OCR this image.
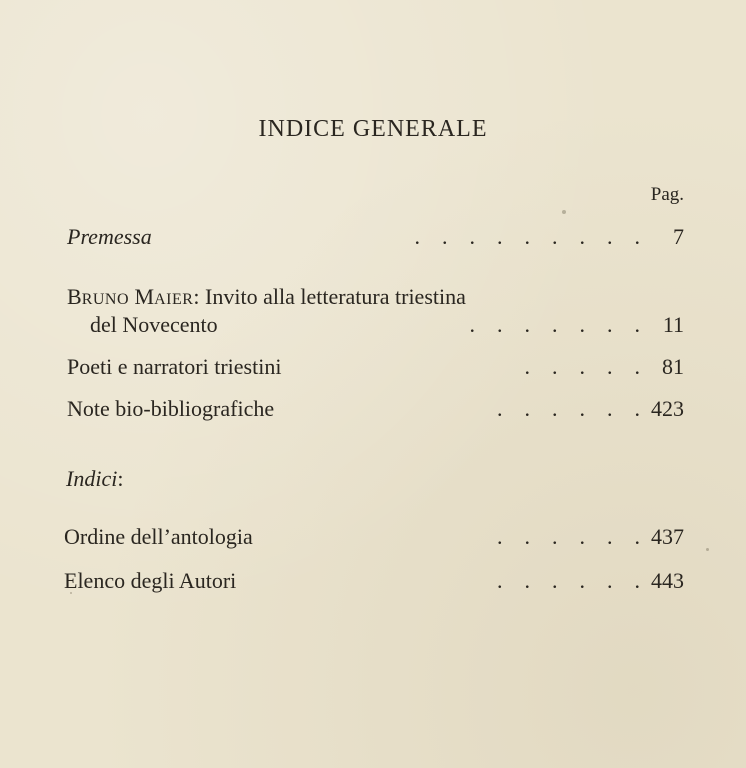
INDICE GENERALE
Pag.
Premessa	.    .    .    .    .    .    .    .    . 7
BRUNO MAIER: Invito alla letteratura triestina
del Novecento	.    .    .    .    .    .    . 11
Poeti e narratori triestini	.    .    .    .    . 81
Note bio-bibliografiche	.    .    .    .    .    . 423
Indici:
Ordine dell’antologia	.    .    .    .    .    . 437
Elenco degli Autori	.    .    .    .    .    . 443
